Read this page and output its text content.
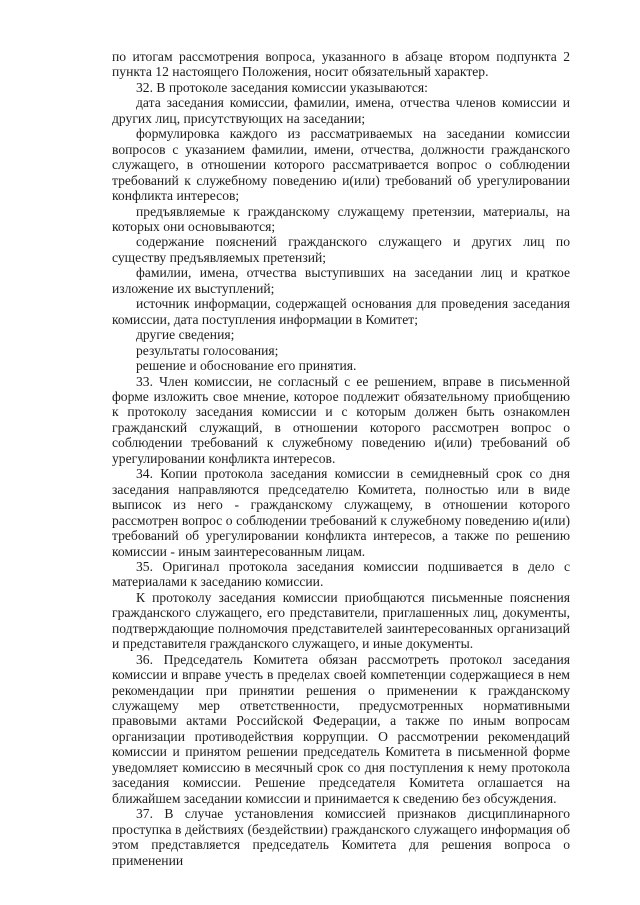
по итогам рассмотрения вопроса, указанного в абзаце втором подпункта 2 пункта 12 настоящего Положения, носит обязательный характер.

32. В протоколе заседания комиссии указываются:

дата заседания комиссии, фамилии, имена, отчества членов комиссии и других лиц, присутствующих на заседании;

формулировка каждого из рассматриваемых на заседании комиссии вопросов с указанием фамилии, имени, отчества, должности гражданского служащего, в отношении которого рассматривается вопрос о соблюдении требований к служебному поведению и(или) требований об урегулировании конфликта интересов;

предъявляемые к гражданскому служащему претензии, материалы, на которых они основываются;

содержание пояснений гражданского служащего и других лиц по существу предъявляемых претензий;

фамилии, имена, отчества выступивших на заседании лиц и краткое изложение их выступлений;

источник информации, содержащей основания для проведения заседания комиссии, дата поступления информации в Комитет;

другие сведения;

результаты голосования;

решение и обоснование его принятия.

33. Член комиссии, не согласный с ее решением, вправе в письменной форме изложить свое мнение, которое подлежит обязательному приобщению к протоколу заседания комиссии и с которым должен быть ознакомлен гражданский служащий, в отношении которого рассмотрен вопрос о соблюдении требований к служебному поведению и(или) требований об урегулировании конфликта интересов.

34. Копии протокола заседания комиссии в семидневный срок со дня заседания направляются председателю Комитета, полностью или в виде выписок из него - гражданскому служащему, в отношении которого рассмотрен вопрос о соблюдении требований к служебному поведению и(или) требований об урегулировании конфликта интересов, а также по решению комиссии - иным заинтересованным лицам.

35. Оригинал протокола заседания комиссии подшивается в дело с материалами к заседанию комиссии.

К протоколу заседания комиссии приобщаются письменные пояснения гражданского служащего, его представители, приглашенных лиц, документы, подтверждающие полномочия представителей заинтересованных организаций и представителя гражданского служащего, и иные документы.

36. Председатель Комитета обязан рассмотреть протокол заседания комиссии и вправе учесть в пределах своей компетенции содержащиеся в нем рекомендации при принятии решения о применении к гражданскому служащему мер ответственности, предусмотренных нормативными правовыми актами Российской Федерации, а также по иным вопросам организации противодействия коррупции. О рассмотрении рекомендаций комиссии и принятом решении председатель Комитета в письменной форме уведомляет комиссию в месячный срок со дня поступления к нему протокола заседания комиссии. Решение председателя Комитета оглашается на ближайшем заседании комиссии и принимается к сведению без обсуждения.

37. В случае установления комиссией признаков дисциплинарного проступка в действиях (бездействии) гражданского служащего информация об этом представляется председатель Комитета для решения вопроса о применении
